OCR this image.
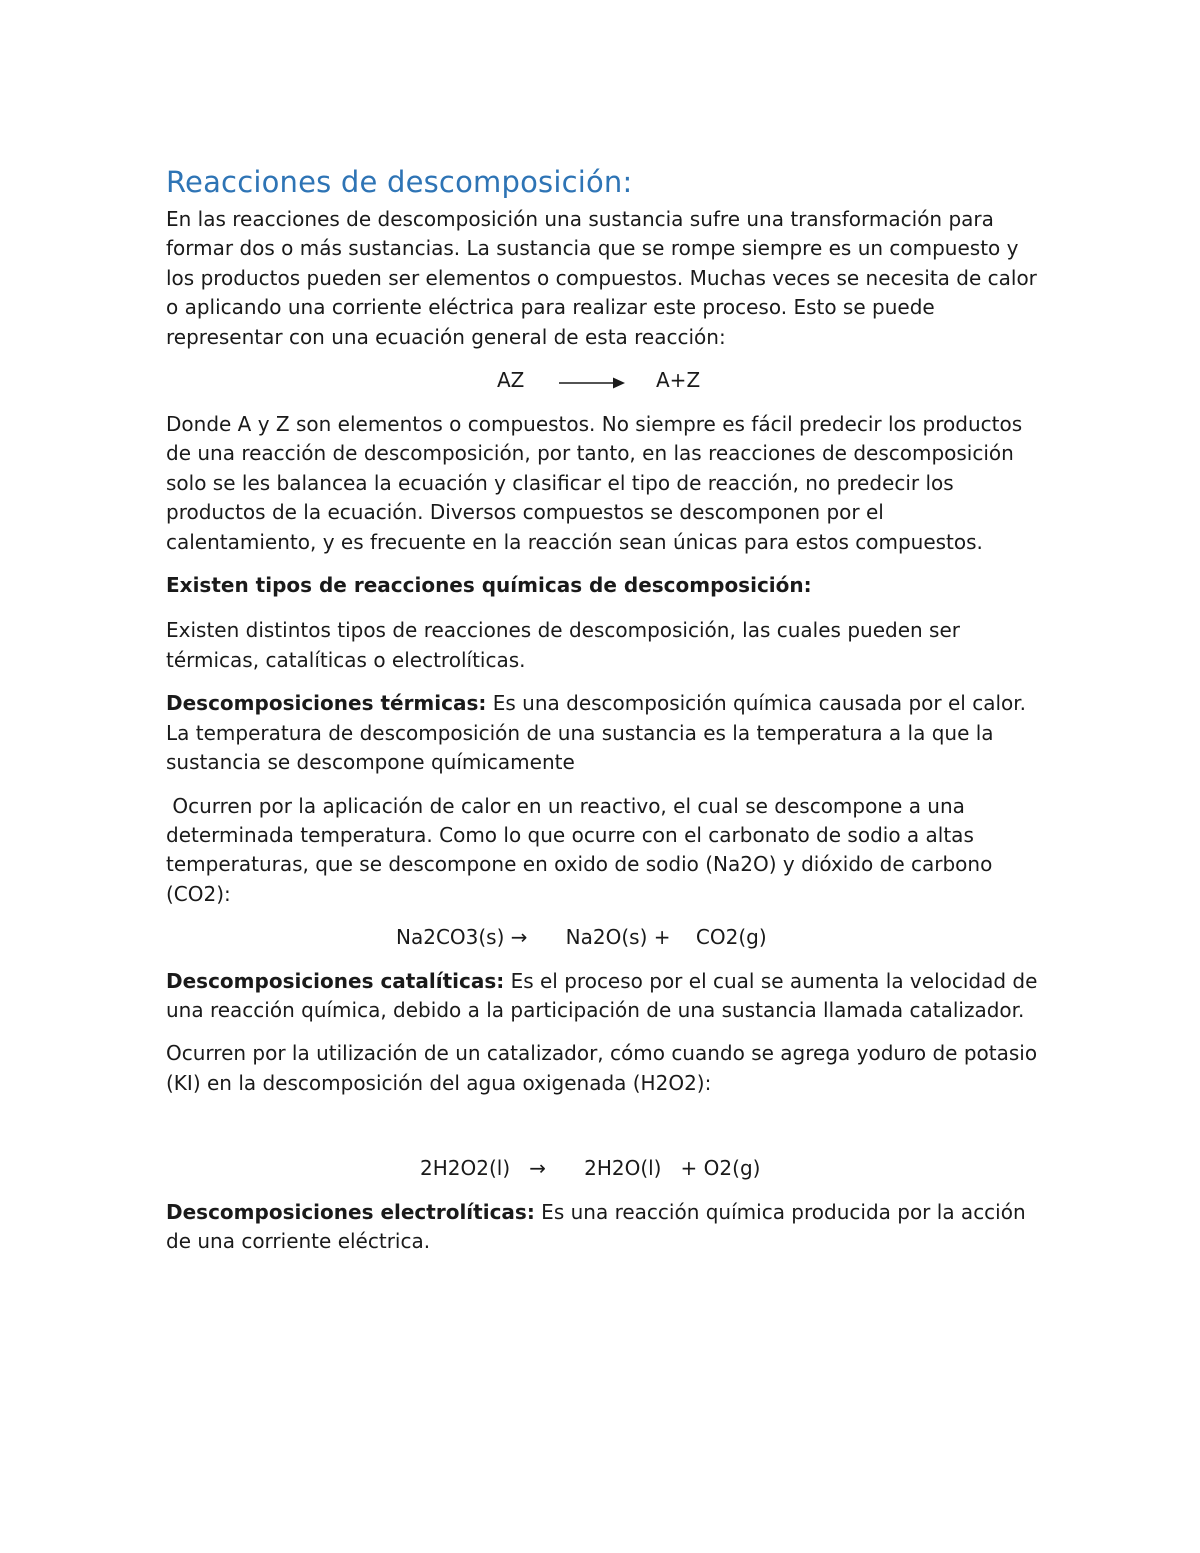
Reacciones de descomposición:

En las reacciones de descomposición una sustancia sufre una transformación para formar dos o más sustancias. La sustancia que se rompe siempre es un compuesto y los productos pueden ser elementos o compuestos. Muchas veces se necesita de calor o aplicando una corriente eléctrica para realizar este proceso. Esto se puede representar con una ecuación general de esta reacción:

AZ	A+Z

Donde A y Z son elementos o compuestos. No siempre es fácil predecir los productos de una reacción de descomposición, por tanto, en las reacciones de descomposición solo se les balancea la ecuación y clasificar el tipo de reacción, no predecir los productos de la ecuación. Diversos compuestos se descomponen por el calentamiento, y es frecuente en la reacción sean únicas para estos compuestos.

Existen tipos de reacciones químicas de descomposición:

Existen distintos tipos de reacciones de descomposición, las cuales pueden ser térmicas, catalíticas o electrolíticas.

Descomposiciones térmicas: Es una descomposición química causada por el calor. La temperatura de descomposición de una sustancia es la temperatura a la que la sustancia se descompone químicamente

Ocurren por la aplicación de calor en un reactivo, el cual se descompone a una determinada temperatura. Como lo que ocurre con el carbonato de sodio a altas temperaturas, que se descompone en oxido de sodio (Na2O) y dióxido de carbono (CO2):

Na2CO3(s) →      Na2O(s) +    CO2(g)

Descomposiciones catalíticas: Es el proceso por el cual se aumenta la velocidad de una reacción química, debido a la participación de una sustancia llamada catalizador.

Ocurren por la utilización de un catalizador, cómo cuando se agrega yoduro de potasio (KI) en la descomposición del agua oxigenada (H2O2):

2H2O2(l)   →      2H2O(l)   + O2(g)

Descomposiciones electrolíticas: Es una reacción química producida por la acción de una corriente eléctrica.
